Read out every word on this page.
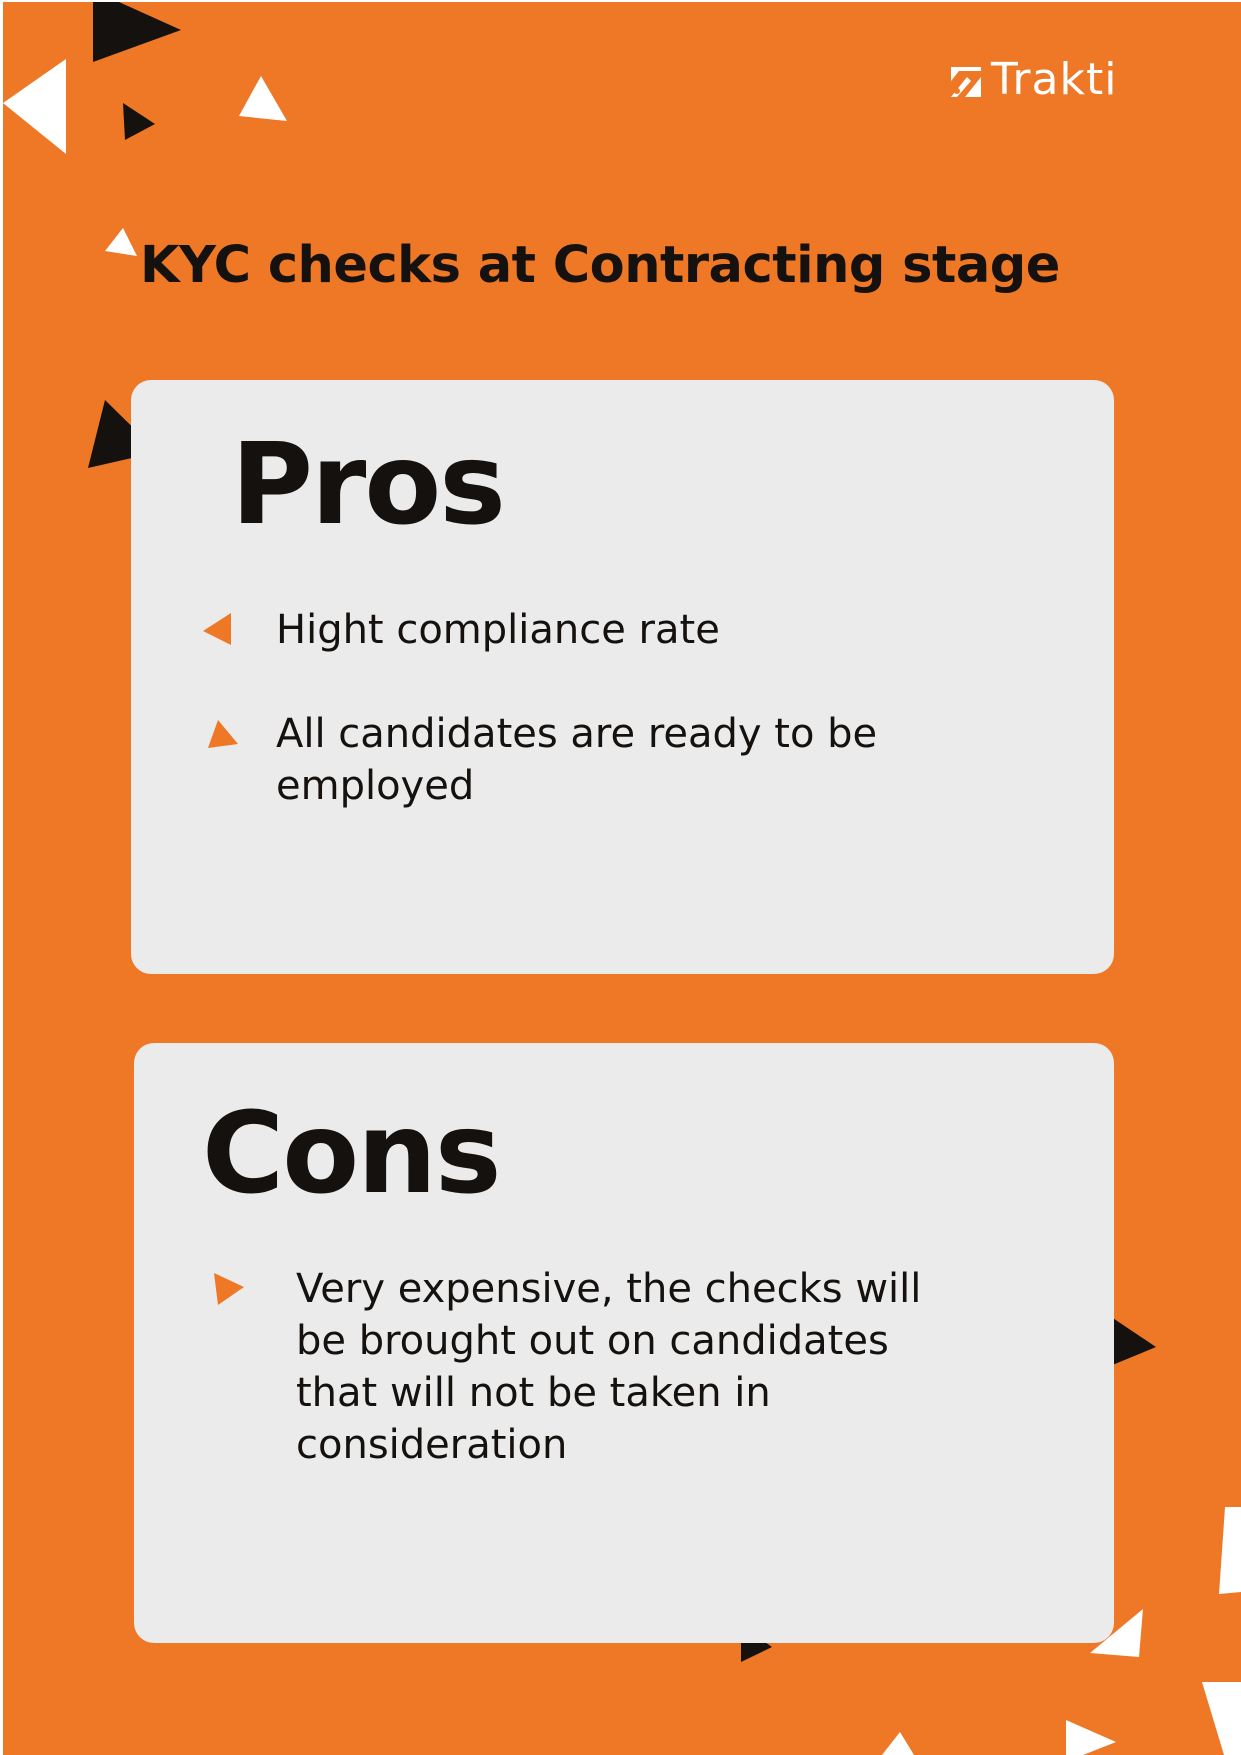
Trakti
KYC checks at Contracting stage
Pros
Hight compliance rate
All candidates are ready to be employed
Cons
Very expensive, the checks will be brought out on candidates that will not be taken in consideration
